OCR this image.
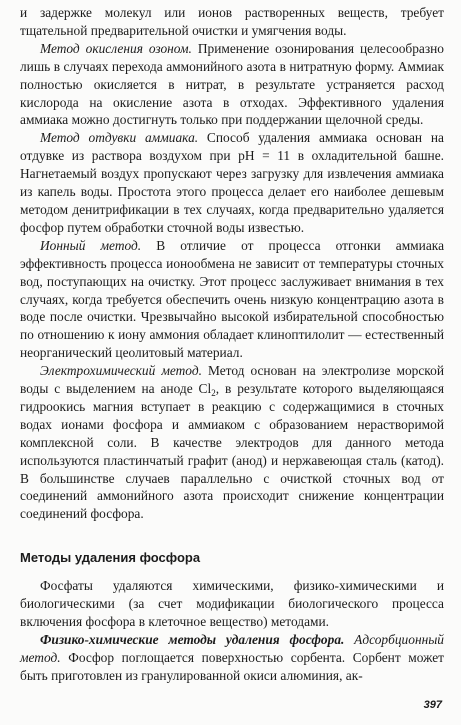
и задержке молекул или ионов растворенных веществ, требует тщательной предварительной очистки и умягчения воды.

Метод окисления озоном. Применение озонирования целесообразно лишь в случаях перехода аммонийного азота в нитратную форму. Аммиак полностью окисляется в нитрат, в результате устраняется расход кислорода на окисление азота в отходах. Эффективного удаления аммиака можно достигнуть только при поддержании щелочной среды.

Метод отдувки аммиака. Способ удаления аммиака основан на отдувке из раствора воздухом при pH = 11 в охладительной башне. Нагнетаемый воздух пропускают через загрузку для извлечения аммиака из капель воды. Простота этого процесса делает его наиболее дешевым методом денитрификации в тех случаях, когда предварительно удаляется фосфор путем обработки сточной воды известью.

Ионный метод. В отличие от процесса отгонки аммиака эффективность процесса ионообмена не зависит от температуры сточных вод, поступающих на очистку. Этот процесс заслуживает внимания в тех случаях, когда требуется обеспечить очень низкую концентрацию азота в воде после очистки. Чрезвычайно высокой избирательной способностью по отношению к иону аммония обладает клиноптилолит — естественный неорганический цеолитовый материал.

Электрохимический метод. Метод основан на электролизе морской воды с выделением на аноде $Cl_2$, в результате которого выделяющаяся гидроокись магния вступает в реакцию с содержащимися в сточных водах ионами фосфора и аммиаком с образованием нерастворимой комплексной соли. В качестве электродов для данного метода используются пластинчатый графит (анод) и нержавеющая сталь (катод). В большинстве случаев параллельно с очисткой сточных вод от соединений аммонийного азота происходит снижение концентрации соединений фосфора.

Методы удаления фосфора

Фосфаты удаляются химическими, физико-химическими и биологическими (за счет модификации биологического процесса включения фосфора в клеточное вещество) методами.

Физико-химические методы удаления фосфора. Адсорбционный метод. Фосфор поглощается поверхностью сорбента. Сорбент может быть приготовлен из гранулированной окиси алюминия, ак-

397
